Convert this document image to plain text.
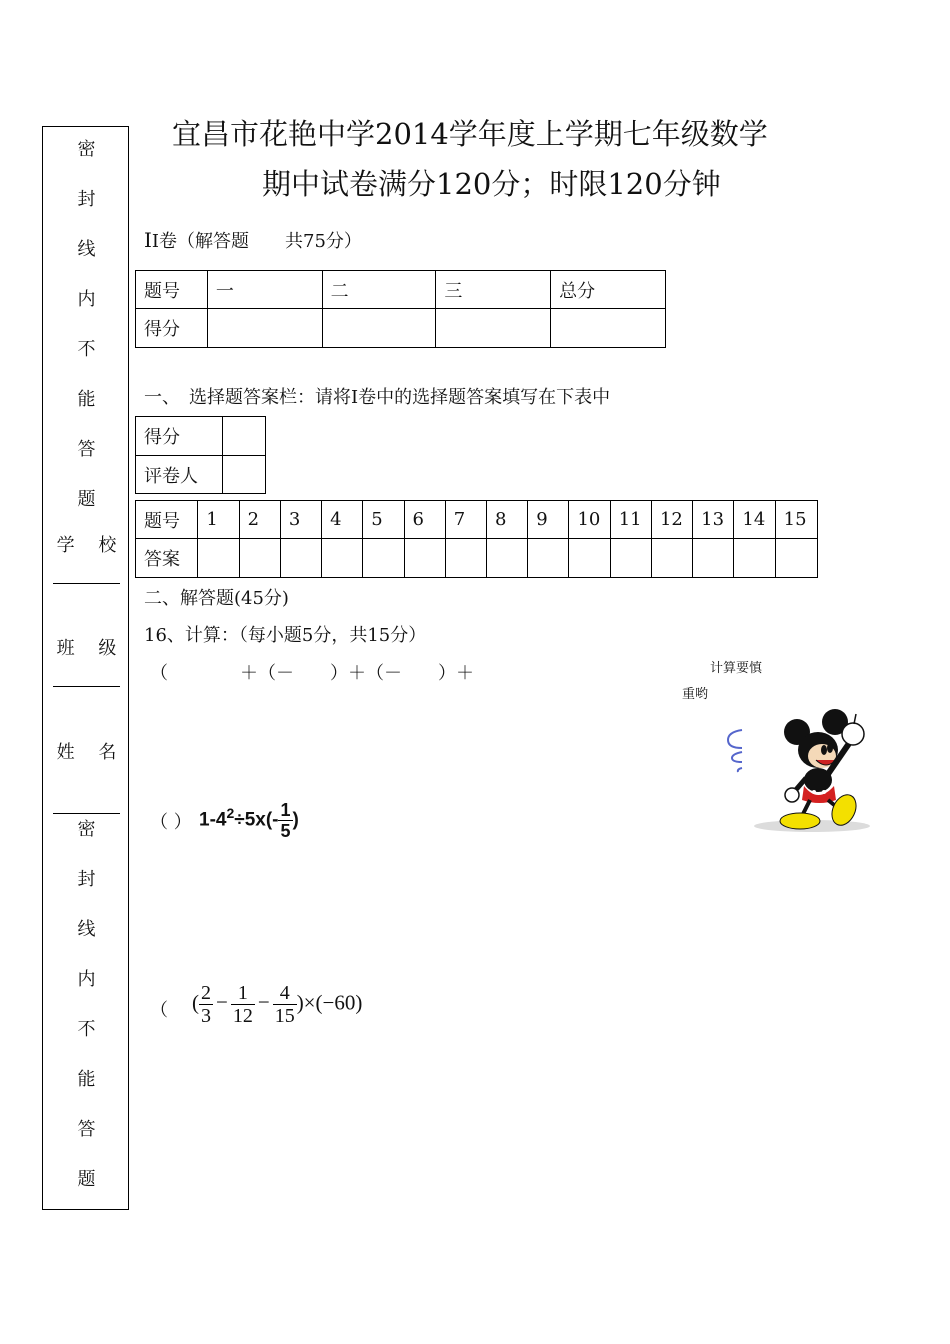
密
封
线
内
不
能
答
题
学 校
班 级
姓 名
密
封
线
内
不
能
答
题
宜昌市花艳中学2014学年度上学期七年级数学
期中试卷满分120分；时限120分钟
II卷（解答题　　共75分）
题号	一	二	三	总分
得分				
一、　选择题答案栏：请将I卷中的选择题答案填写在下表中
得分	
评卷人	
题号	1	2	3	4	5	6	7	8	9	10	11	12	13	14	15
答案															
二、解答题(45分)
16、计算：（每小题5分，共15分）
（　　　　＋（－　　）＋（－　　）＋
（ ） $1-4^2\div 5x(- \frac{1}{5}$ )
（ ( $\frac{2}{3} - \frac{1}{12} - \frac{4}{15} )\times(-60)$
计算要慎
重哟
